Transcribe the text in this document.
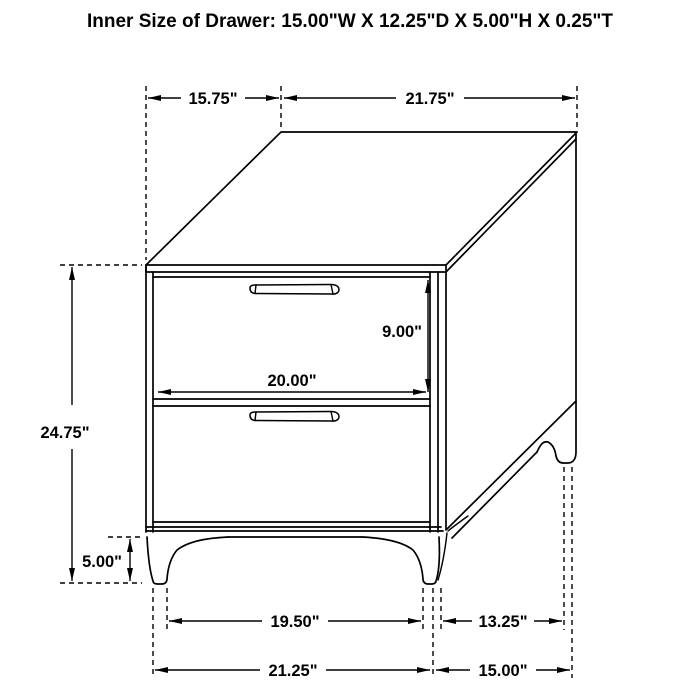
Inner Size of Drawer: 15.00"W X 12.25"D X 5.00"H X 0.25"T
15.75"	21.75"
9.00"
20.00"
24.75"
5.00"
19.50"	13.25"
21.25"	15.00"
